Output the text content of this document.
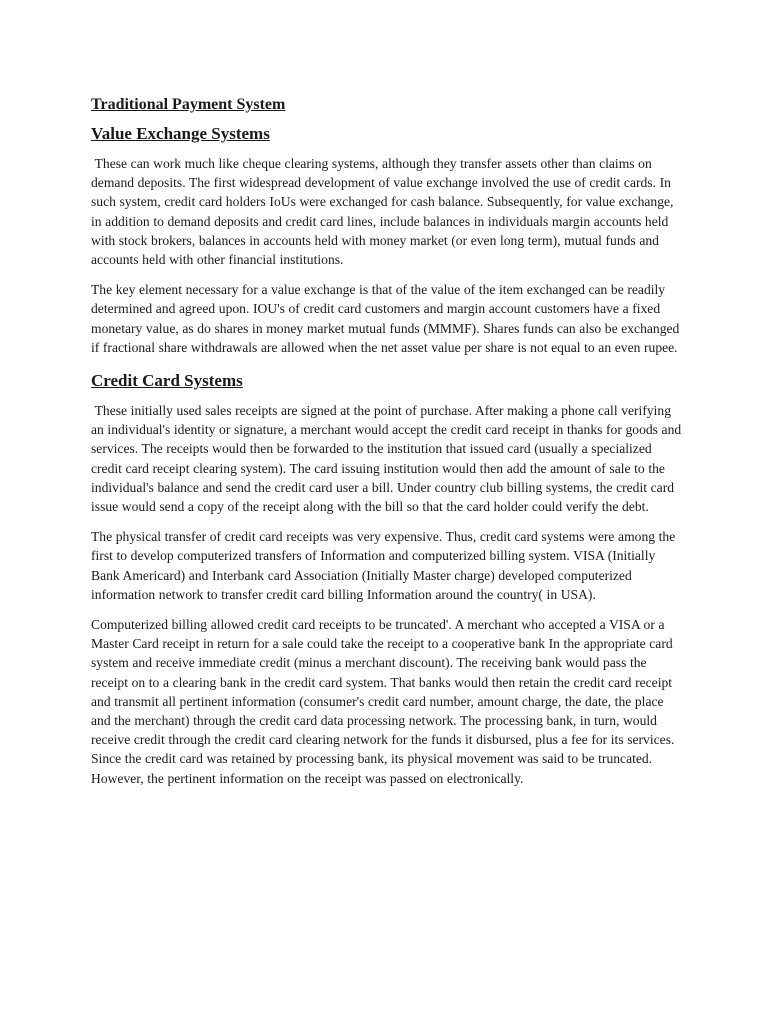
Traditional Payment System
Value Exchange Systems

These can work much like cheque clearing systems, although they transfer assets other than claims on demand deposits. The first widespread development of value exchange involved the use of credit cards. In such system, credit card holders IoUs were exchanged for cash balance. Subsequently, for value exchange, in addition to demand deposits and credit card lines, include balances in individuals margin accounts held with stock brokers, balances in accounts held with money market (or even long term), mutual funds and accounts held with other financial institutions.

The key element necessary for a value exchange is that of the value of the item exchanged can be readily determined and agreed upon. IOU's of credit card customers and margin account customers have a fixed monetary value, as do shares in money market mutual funds (MMMF). Shares funds can also be exchanged if fractional share withdrawals are allowed when the net asset value per share is not equal to an even rupee.

Credit Card Systems

These initially used sales receipts are signed at the point of purchase. After making a phone call verifying an individual's identity or signature, a merchant would accept the credit card receipt in thanks for goods and services. The receipts would then be forwarded to the institution that issued card (usually a specialized credit card receipt clearing system). The card issuing institution would then add the amount of sale to the individual's balance and send the credit card user a bill. Under country club billing systems, the credit card issue would send a copy of the receipt along with the bill so that the card holder could verify the debt.

The physical transfer of credit card receipts was very expensive. Thus, credit card systems were among the first to develop computerized transfers of Information and computerized billing system. VISA (Initially Bank Americard) and Interbank card Association (Initially Master charge) developed computerized information network to transfer credit card billing Information around the country( in USA).

Computerized billing allowed credit card receipts to be truncated'. A merchant who accepted a VISA or a Master Card receipt in return for a sale could take the receipt to a cooperative bank In the appropriate card system and receive immediate credit (minus a merchant discount). The receiving bank would pass the receipt on to a clearing bank in the credit card system. That banks would then retain the credit card receipt and transmit all pertinent information (consumer's credit card number, amount charge, the date, the place and the merchant) through the credit card data processing network. The processing bank, in turn, would receive credit through the credit card clearing network for the funds it disbursed, plus a fee for its services. Since the credit card was retained by processing bank, its physical movement was said to be truncated. However, the pertinent information on the receipt was passed on electronically.
